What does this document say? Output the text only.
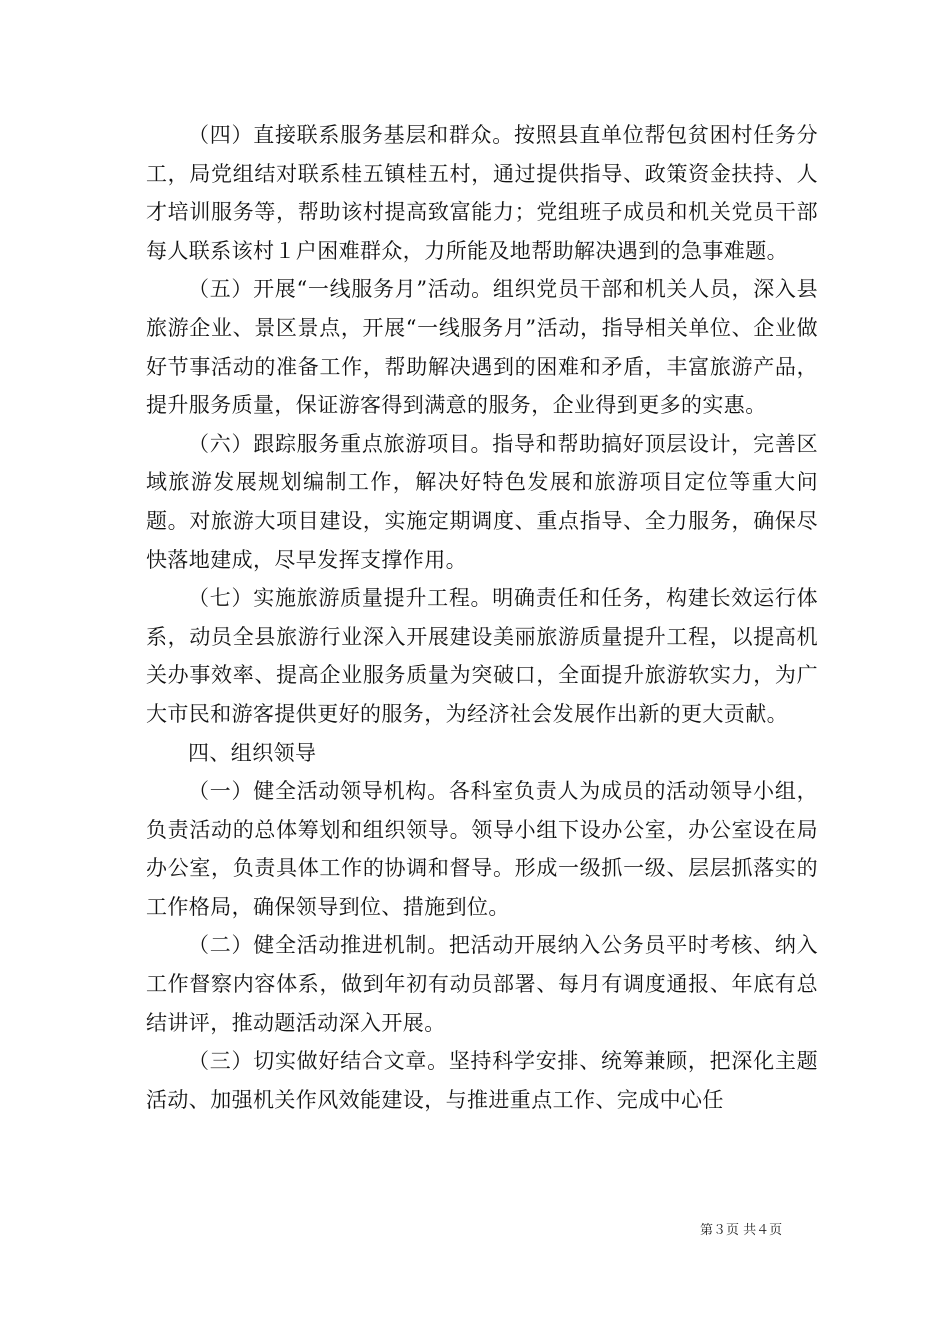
（四）直接联系服务基层和群众。按照县直单位帮包贫困村任务分工，局党组结对联系桂五镇桂五村，通过提供指导、政策资金扶持、人才培训服务等，帮助该村提高致富能力；党组班子成员和机关党员干部每人联系该村１户困难群众，力所能及地帮助解决遇到的急事难题。

（五）开展“一线服务月”活动。组织党员干部和机关人员，深入县旅游企业、景区景点，开展“一线服务月”活动，指导相关单位、企业做好节事活动的准备工作，帮助解决遇到的困难和矛盾，丰富旅游产品，提升服务质量，保证游客得到满意的服务，企业得到更多的实惠。

（六）跟踪服务重点旅游项目。指导和帮助搞好顶层设计，完善区域旅游发展规划编制工作，解决好特色发展和旅游项目定位等重大问题。对旅游大项目建设，实施定期调度、重点指导、全力服务，确保尽快落地建成，尽早发挥支撑作用。

（七）实施旅游质量提升工程。明确责任和任务，构建长效运行体系，动员全县旅游行业深入开展建设美丽旅游质量提升工程，以提高机关办事效率、提高企业服务质量为突破口，全面提升旅游软实力，为广大市民和游客提供更好的服务，为经济社会发展作出新的更大贡献。

四、组织领导

（一）健全活动领导机构。各科室负责人为成员的活动领导小组，负责活动的总体筹划和组织领导。领导小组下设办公室，办公室设在局办公室，负责具体工作的协调和督导。形成一级抓一级、层层抓落实的工作格局，确保领导到位、措施到位。

（二）健全活动推进机制。把活动开展纳入公务员平时考核、纳入工作督察内容体系，做到年初有动员部署、每月有调度通报、年底有总结讲评，推动题活动深入开展。

（三）切实做好结合文章。坚持科学安排、统筹兼顾，把深化主题活动、加强机关作风效能建设，与推进重点工作、完成中心任

第３页 共４页
